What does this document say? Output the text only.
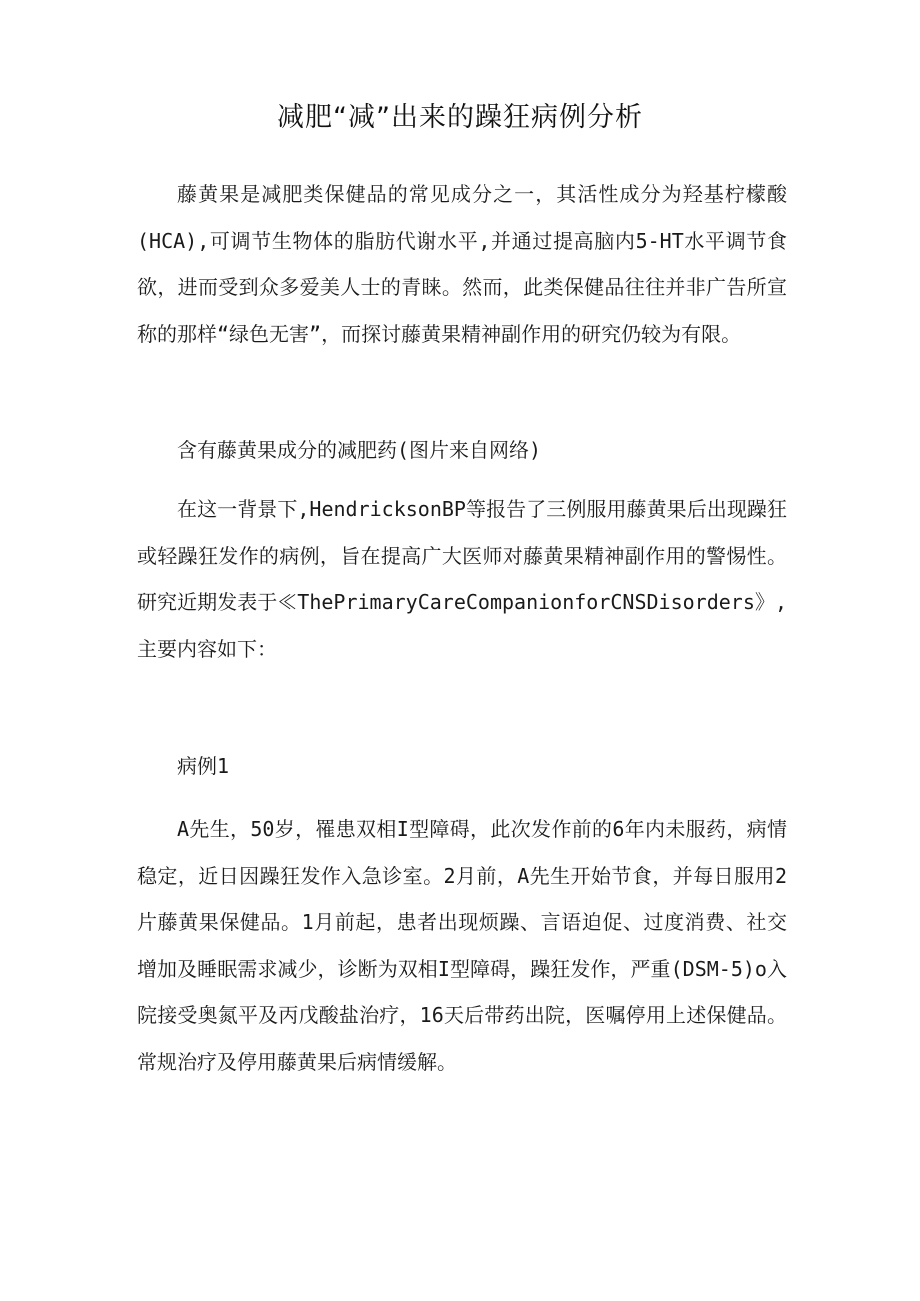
减肥“减”出来的躁狂病例分析

藤黄果是减肥类保健品的常见成分之一，其活性成分为羟基柠檬酸(HCA),可调节生物体的脂肪代谢水平,并通过提高脑内5-HT水平调节食欲，进而受到众多爱美人士的青睐。然而，此类保健品往往并非广告所宣称的那样“绿色无害”，而探讨藤黄果精神副作用的研究仍较为有限。

含有藤黄果成分的减肥药(图片来自网络)

在这一背景下,HendricksonBP等报告了三例服用藤黄果后出现躁狂或轻躁狂发作的病例，旨在提高广大医师对藤黄果精神副作用的警惕性。研究近期发表于≪ThePrimaryCareCompanionforCNSDisorders》,主要内容如下：

病例1

A先生，50岁，罹患双相I型障碍，此次发作前的6年内未服药，病情稳定，近日因躁狂发作入急诊室。2月前，A先生开始节食，并每日服用2片藤黄果保健品。1月前起，患者出现烦躁、言语迫促、过度消费、社交增加及睡眠需求减少，诊断为双相I型障碍，躁狂发作，严重(DSM-5)o入院接受奥氮平及丙戊酸盐治疗，16天后带药出院，医嘱停用上述保健品。常规治疗及停用藤黄果后病情缓解。
